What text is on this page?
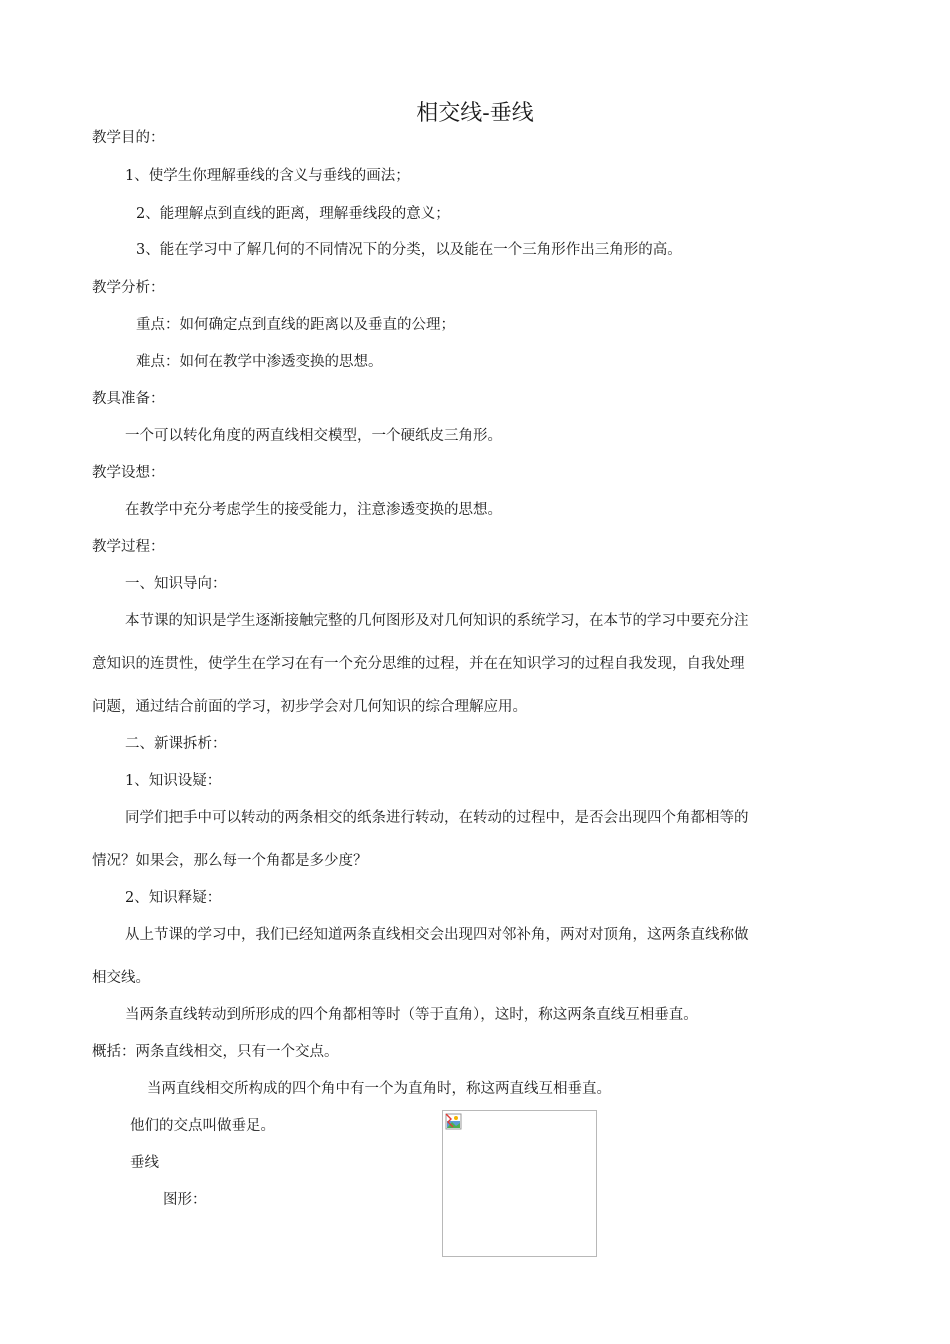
相交线-垂线
教学目的：
1、使学生你理解垂线的含义与垂线的画法；
2、能理解点到直线的距离，理解垂线段的意义；
3、能在学习中了解几何的不同情况下的分类，以及能在一个三角形作出三角形的高。
教学分析：
重点：如何确定点到直线的距离以及垂直的公理；
难点：如何在教学中渗透变换的思想。
教具准备：
一个可以转化角度的两直线相交模型，一个硬纸皮三角形。
教学设想：
在教学中充分考虑学生的接受能力，注意渗透变换的思想。
教学过程：
一、知识导向：
本节课的知识是学生逐渐接触完整的几何图形及对几何知识的系统学习，在本节的学习中要充分注
意知识的连贯性，使学生在学习在有一个充分思维的过程，并在在知识学习的过程自我发现，自我处理
问题，通过结合前面的学习，初步学会对几何知识的综合理解应用。
二、新课拆析：
1、知识设疑：
同学们把手中可以转动的两条相交的纸条进行转动，在转动的过程中，是否会出现四个角都相等的
情况？如果会，那么每一个角都是多少度？
2、知识释疑：
从上节课的学习中，我们已经知道两条直线相交会出现四对邻补角，两对对顶角，这两条直线称做
相交线。
当两条直线转动到所形成的四个角都相等时（等于直角），这时，称这两条直线互相垂直。
概括：两条直线相交，只有一个交点。
当两直线相交所构成的四个角中有一个为直角时，称这两直线互相垂直。
他们的交点叫做垂足。
垂线
图形：
